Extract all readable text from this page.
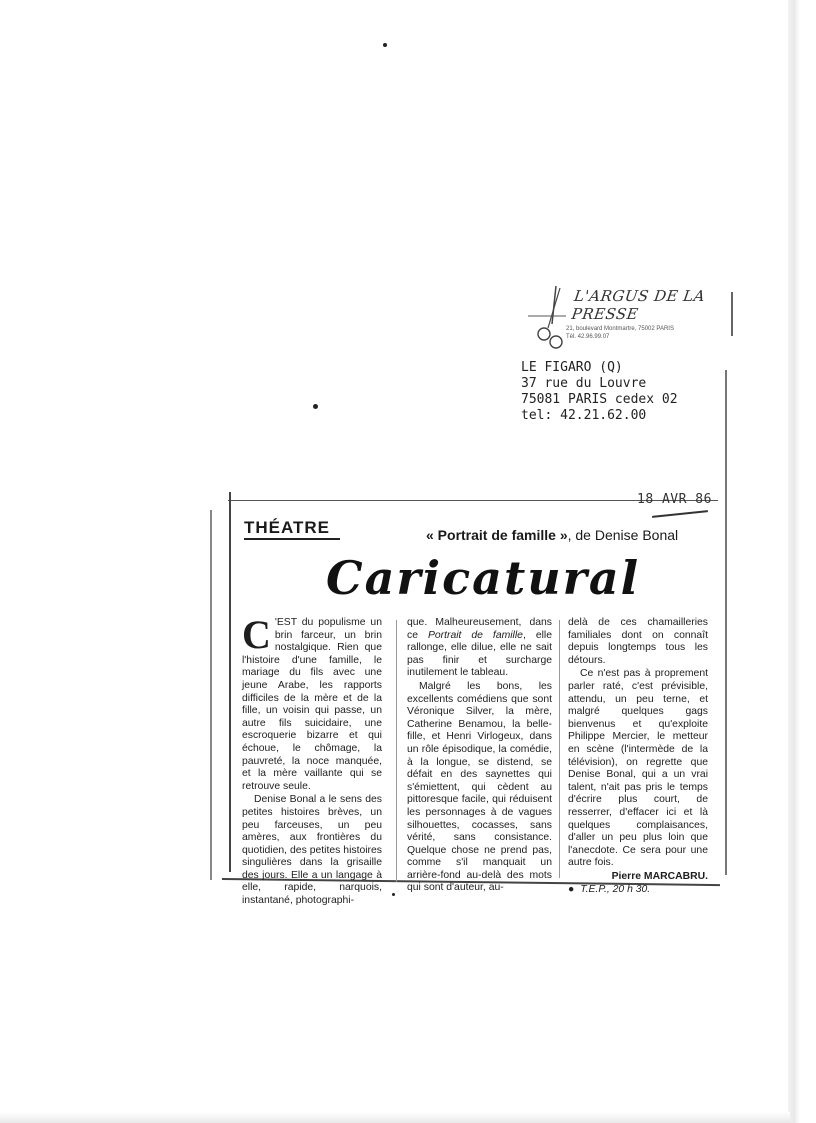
L'ARGUS DE LA PRESSE
21, boulevard Montmartre, 75002 PARIS
Tél. 42.96.99.07
LE FIGARO (Q)
37 rue du Louvre
75081 PARIS cedex 02
tel: 42.21.62.00
18 AVR 86
THÉATRE	« Portrait de famille », de Denise Bonal
Caricatural

C 'EST du populisme un brin farceur, un brin nostalgique. Rien que l'histoire d'une famille, le mariage du fils avec une jeune Arabe, les rapports difficiles de la mère et de la fille, un voisin qui passe, un autre fils suicidaire, une escroquerie bizarre et qui échoue, le chômage, la pauvreté, la noce manquée, et la mère vaillante qui se retrouve seule.

Denise Bonal a le sens des petites histoires brèves, un peu farceuses, un peu amères, aux frontières du quotidien, des petites histoires singulières dans la grisaille des jours. Elle a un langage à elle, rapide, narquois, instantané, photographi-

que. Malheureusement, dans ce Portrait de famille, elle rallonge, elle dilue, elle ne sait pas finir et surcharge inutilement le tableau.

Malgré les bons, les excellents comédiens que sont Véronique Silver, la mère, Catherine Benamou, la belle-fille, et Henri Virlogeux, dans un rôle épisodique, la comédie, à la longue, se distend, se défait en des saynettes qui s'émiettent, qui cèdent au pittoresque facile, qui réduisent les personnages à de vagues silhouettes, cocasses, sans vérité, sans consistance. Quelque chose ne prend pas, comme s'il manquait un arrière-fond au-delà des mots qui sont d'auteur, au-

delà de ces chamailleries familiales dont on connaît depuis longtemps tous les détours.

Ce n'est pas à proprement parler raté, c'est prévisible, attendu, un peu terne, et malgré quelques gags bienvenus et qu'exploite Philippe Mercier, le metteur en scène (l'intermède de la télévision), on regrette que Denise Bonal, qui a un vrai talent, n'ait pas pris le temps d'écrire plus court, de resserrer, d'effacer ici et là quelques complaisances, d'aller un peu plus loin que l'anecdote. Ce sera pour une autre fois.

Pierre MARCABRU.

● T.E.P., 20 h 30.
